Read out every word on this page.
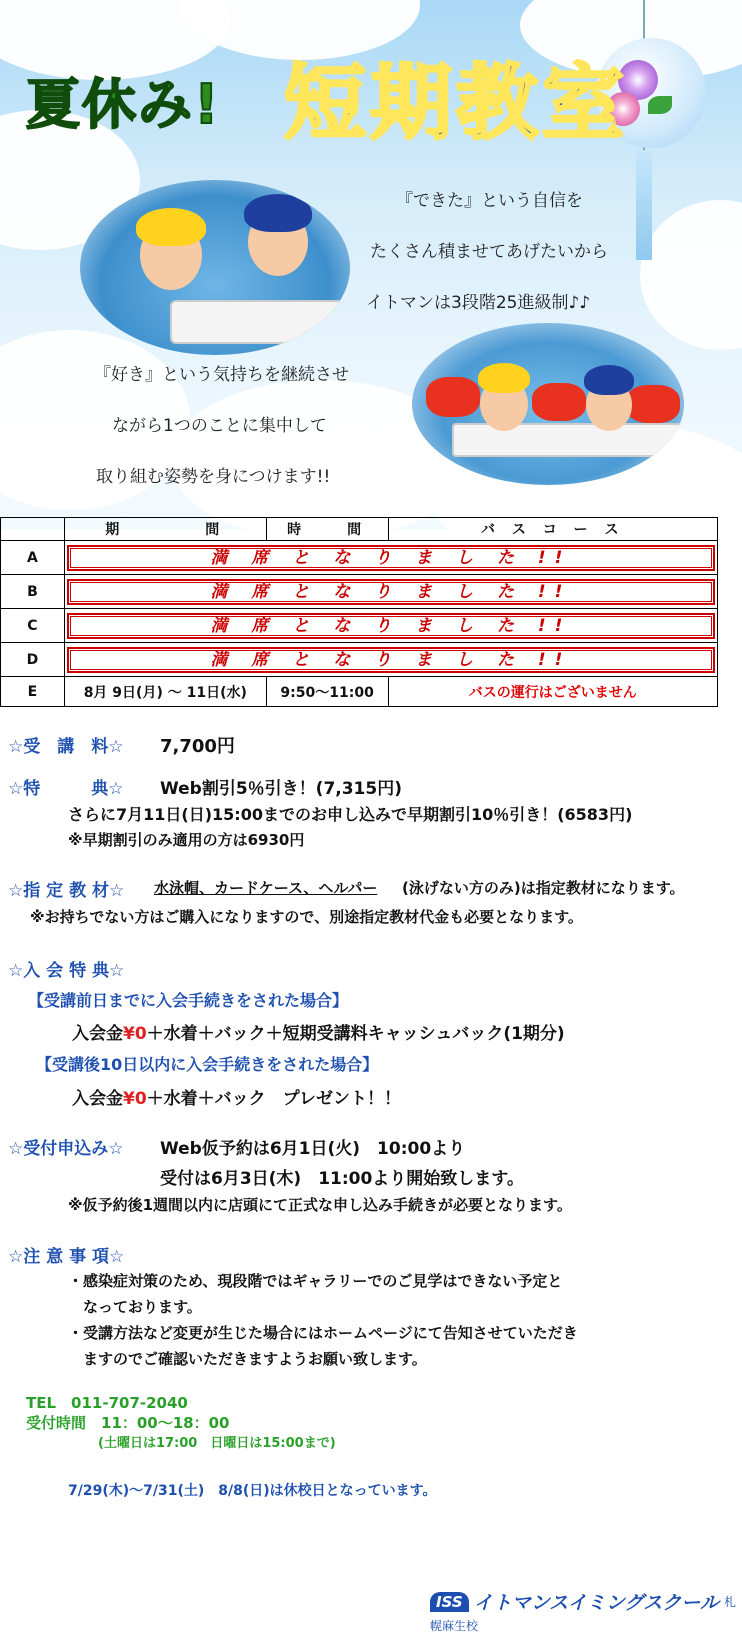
夏休み! 短期教室
『できた』という自信を
たくさん積ませてあげたいから
イトマンは3段階25進級制♪♪
『好き』という気持ちを継続させ
ながら1つのことに集中して
取り組む姿勢を身につけます!!
	期　　　　間	時　　間	バ ス コ ー ス
A	満 席 と な り ま し た !!		

B	満 席 と な り ま し た !!		

C	満 席 と な り ま し た !!		

D	満 席 と な り ま し た !!		

E	8月 9日(月) ～ 11日(水)	9:50～11:00	バスの運行はございません
☆受　講　料☆ 7,700円
☆特　　　典☆ Web割引5％引き！(7,315円)
さらに7月11日(日)15:00までのお申し込みで早期割引10％引き！(6583円)
※早期割引のみ適用の方は6930円
☆指 定 教 材☆ 水泳帽、カードケース、ヘルパー (泳げない方のみ)は指定教材になります。
※お持ちでない方はご購入になりますので、別途指定教材代金も必要となります。
☆入 会 特 典☆
【受講前日までに入会手続きをされた場合】
入会金¥0＋水着＋バック＋短期受講料キャッシュバック(1期分)
【受講後10日以内に入会手続きをされた場合】
入会金¥0＋水着＋バック　プレゼント！！
☆受付申込み☆ Web仮予約は6月1日(火)　10:00より
受付は6月3日(木)　11:00より開始致します。
※仮予約後1週間以内に店頭にて正式な申し込み手続きが必要となります。
☆注 意 事 項☆
・感染症対策のため、現段階ではギャラリーでのご見学はできない予定と
　なっております。
・受講方法など変更が生じた場合にはホームページにて告知させていただき
　ますのでご確認いただきますようお願い致します。
TEL　011-707-2040
受付時間　11：00～18：00
(土曜日は17:00　日曜日は15:00まで)
7/29(木)～7/31(土)　8/8(日)は休校日となっています。
ISS イトマンスイミングスクール 札幌麻生校
